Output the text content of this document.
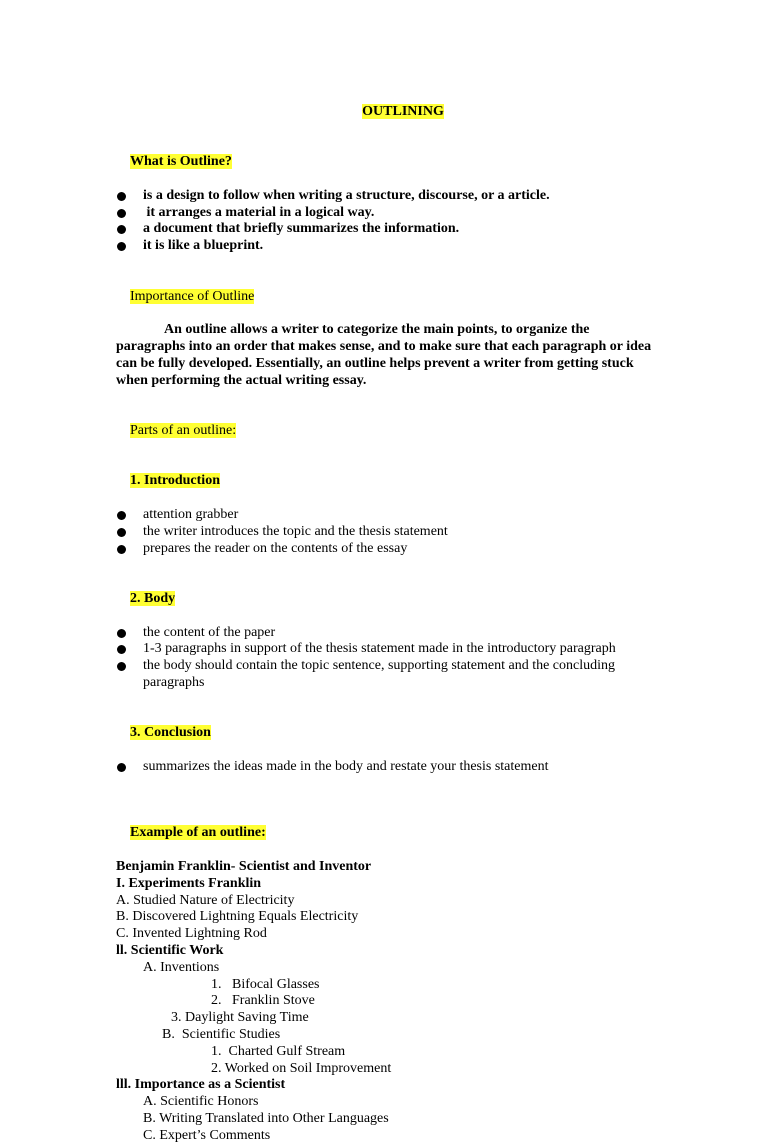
OUTLINING

What is Outline?

is a design to follow when writing a structure, discourse, or a article.
it arranges a material in a logical way.
a document that briefly summarizes the information.
it is like a blueprint.

Importance of Outline

An outline allows a writer to categorize the main points, to organize the paragraphs into an order that makes sense, and to make sure that each paragraph or idea can be fully developed. Essentially, an outline helps prevent a writer from getting stuck when performing the actual writing essay.

Parts of an outline:

1. Introduction

attention grabber
the writer introduces the topic and the thesis statement
prepares the reader on the contents of the essay

2. Body

the content of the paper
1-3 paragraphs in support of the thesis statement made in the introductory paragraph
the body should contain the topic sentence, supporting statement and the concluding paragraphs

3. Conclusion

summarizes the ideas made in the body and restate your thesis statement

Example of an outline:

Benjamin Franklin- Scientist and Inventor
I. Experiments Franklin
A. Studied Nature of Electricity
B. Discovered Lightning Equals Electricity
C. Invented Lightning Rod
ll. Scientific Work
A. Inventions
1.   Bifocal Glasses
2.   Franklin Stove
3. Daylight Saving Time
B.  Scientific Studies
1.  Charted Gulf Stream
2. Worked on Soil Improvement
lll. Importance as a Scientist
A. Scientific Honors
B. Writing Translated into Other Languages
C. Expert’s Comments
